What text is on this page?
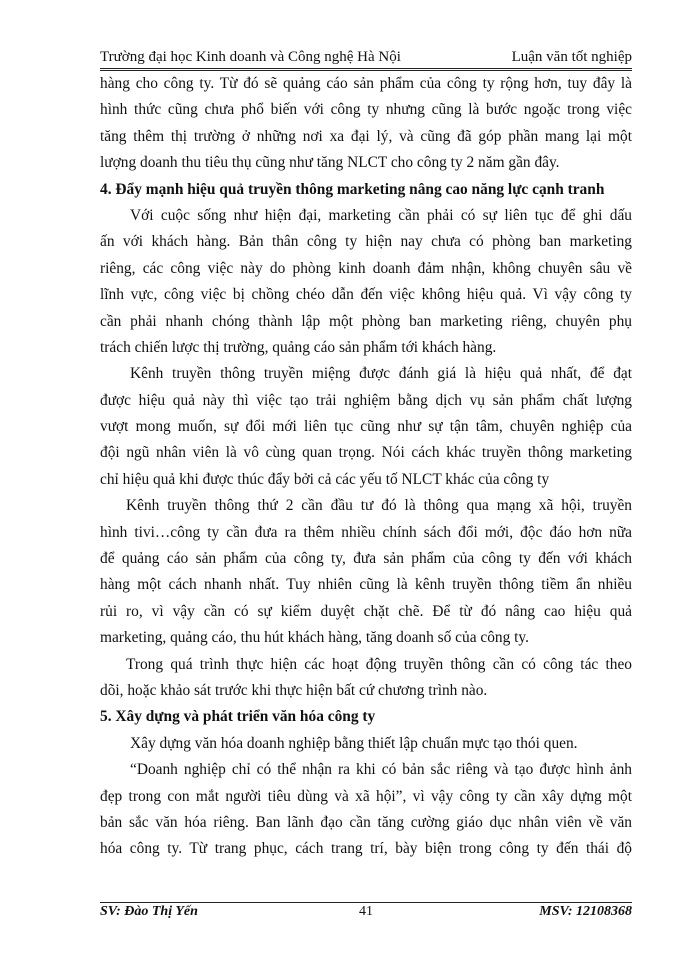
Trường đại học Kinh doanh và Công nghệ Hà Nội	Luận văn tốt nghiệp
hàng cho công ty. Từ đó sẽ quảng cáo sản phẩm của công ty rộng hơn, tuy đây là
hình thức cũng chưa phổ biến với công ty nhưng cũng là bước ngoặc trong việc
tăng thêm thị trường ở những nơi xa đại lý, và cũng đã góp phần mang lại một
lượng doanh thu tiêu thụ cũng như tăng NLCT cho công ty 2 năm gần đây.
4. Đẩy mạnh hiệu quả truyền thông marketing nâng cao năng lực cạnh tranh
Với cuộc sống như hiện đại, marketing cần phải có sự liên tục để ghi dấu
ấn với khách hàng. Bản thân công ty hiện nay chưa có phòng ban marketing
riêng, các công việc này do phòng kinh doanh đảm nhận, không chuyên sâu về
lĩnh vực, công việc bị chồng chéo dẫn đến việc không hiệu quả. Vì vậy công ty
cần phải nhanh chóng thành lập một phòng ban marketing riêng, chuyên phụ
trách chiến lược thị trường, quảng cáo sản phẩm tới khách hàng.
Kênh truyền thông truyền miệng được đánh giá là hiệu quả nhất, để đạt
được hiệu quả này thì việc tạo trải nghiệm bằng dịch vụ sản phẩm chất lượng
vượt mong muốn, sự đổi mới liên tục cũng như sự tận tâm, chuyên nghiệp của
đội ngũ nhân viên là vô cùng quan trọng. Nói cách khác truyền thông marketing
chỉ hiệu quả khi được thúc đẩy bởi cả các yếu tố NLCT khác của công ty
Kênh truyền thông thứ 2 cần đầu tư đó là thông qua mạng xã hội, truyền
hình tivi…công ty cần đưa ra thêm nhiều chính sách đổi mới, độc đáo hơn nữa
để quảng cáo sản phẩm của công ty, đưa sản phẩm của công ty đến với khách
hàng một cách nhanh nhất. Tuy nhiên cũng là kênh truyền thông tiềm ẩn nhiều
rủi ro, vì vậy cần có sự kiểm duyệt chặt chẽ. Để từ đó nâng cao hiệu quả
marketing, quảng cáo, thu hút khách hàng, tăng doanh số của công ty.
Trong quá trình thực hiện các hoạt động truyền thông cần có công tác theo
dõi, hoặc khảo sát trước khi thực hiện bất cứ chương trình nào.
5. Xây dựng và phát triển văn hóa công ty
Xây dựng văn hóa doanh nghiệp bằng thiết lập chuẩn mực tạo thói quen.
“Doanh nghiệp chỉ có thể nhận ra khi có bản sắc riêng và tạo được hình ảnh
đẹp trong con mắt người tiêu dùng và xã hội”, vì vậy công ty cần xây dựng một
bản sắc văn hóa riêng. Ban lãnh đạo cần tăng cường giáo dục nhân viên về văn
hóa công ty. Từ trang phục, cách trang trí, bày biện trong công ty đến thái độ
SV: Đào Thị Yến	41	MSV: 12108368
